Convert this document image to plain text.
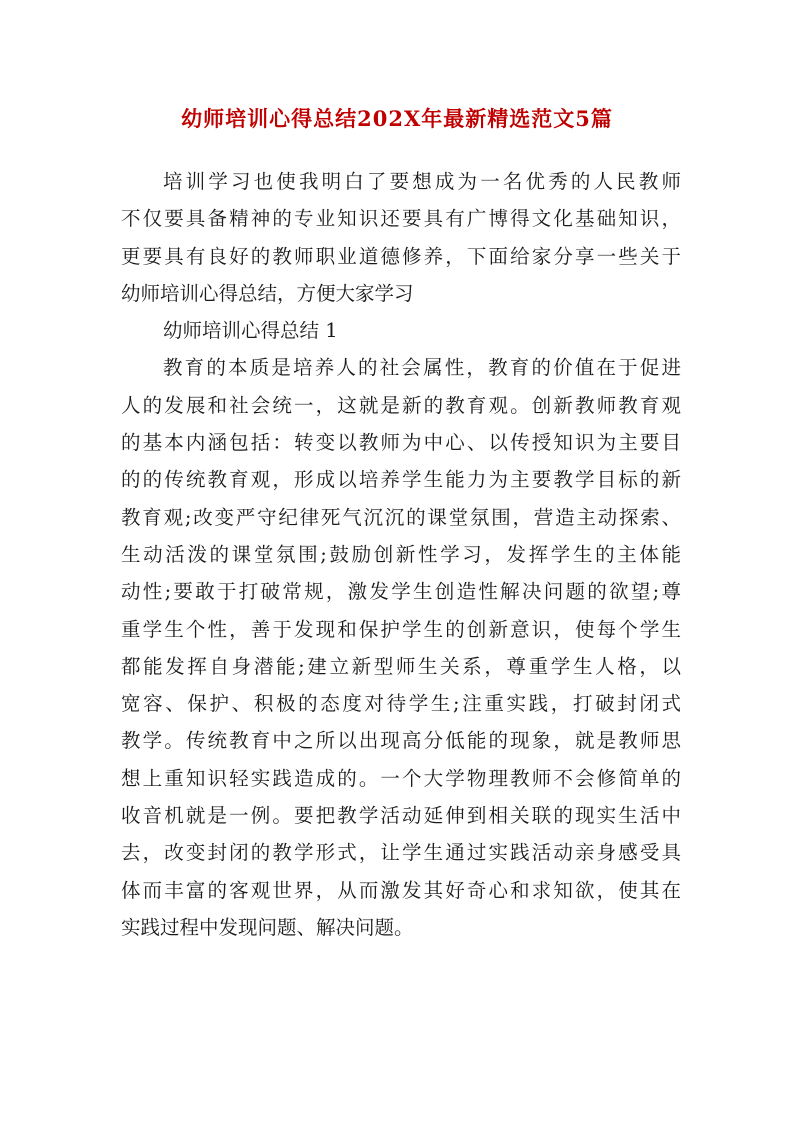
幼师培训心得总结202X年最新精选范文5篇
培训学习也使我明白了要想成为一名优秀的人民教师
不仅要具备精神的专业知识还要具有广博得文化基础知识，
更要具有良好的教师职业道德修养，下面给家分享一些关于
幼师培训心得总结，方便大家学习
幼师培训心得总结 1
教育的本质是培养人的社会属性，教育的价值在于促进
人的发展和社会统一，这就是新的教育观。创新教师教育观
的基本内涵包括：转变以教师为中心、以传授知识为主要目
的的传统教育观，形成以培养学生能力为主要教学目标的新
教育观;改变严守纪律死气沉沉的课堂氛围，营造主动探索、
生动活泼的课堂氛围;鼓励创新性学习，发挥学生的主体能
动性;要敢于打破常规，激发学生创造性解决问题的欲望;尊
重学生个性，善于发现和保护学生的创新意识，使每个学生
都能发挥自身潜能;建立新型师生关系，尊重学生人格，以
宽容、保护、积极的态度对待学生;注重实践，打破封闭式
教学。传统教育中之所以出现高分低能的现象，就是教师思
想上重知识轻实践造成的。一个大学物理教师不会修简单的
收音机就是一例。要把教学活动延伸到相关联的现实生活中
去，改变封闭的教学形式，让学生通过实践活动亲身感受具
体而丰富的客观世界，从而激发其好奇心和求知欲，使其在
实践过程中发现问题、解决问题。
